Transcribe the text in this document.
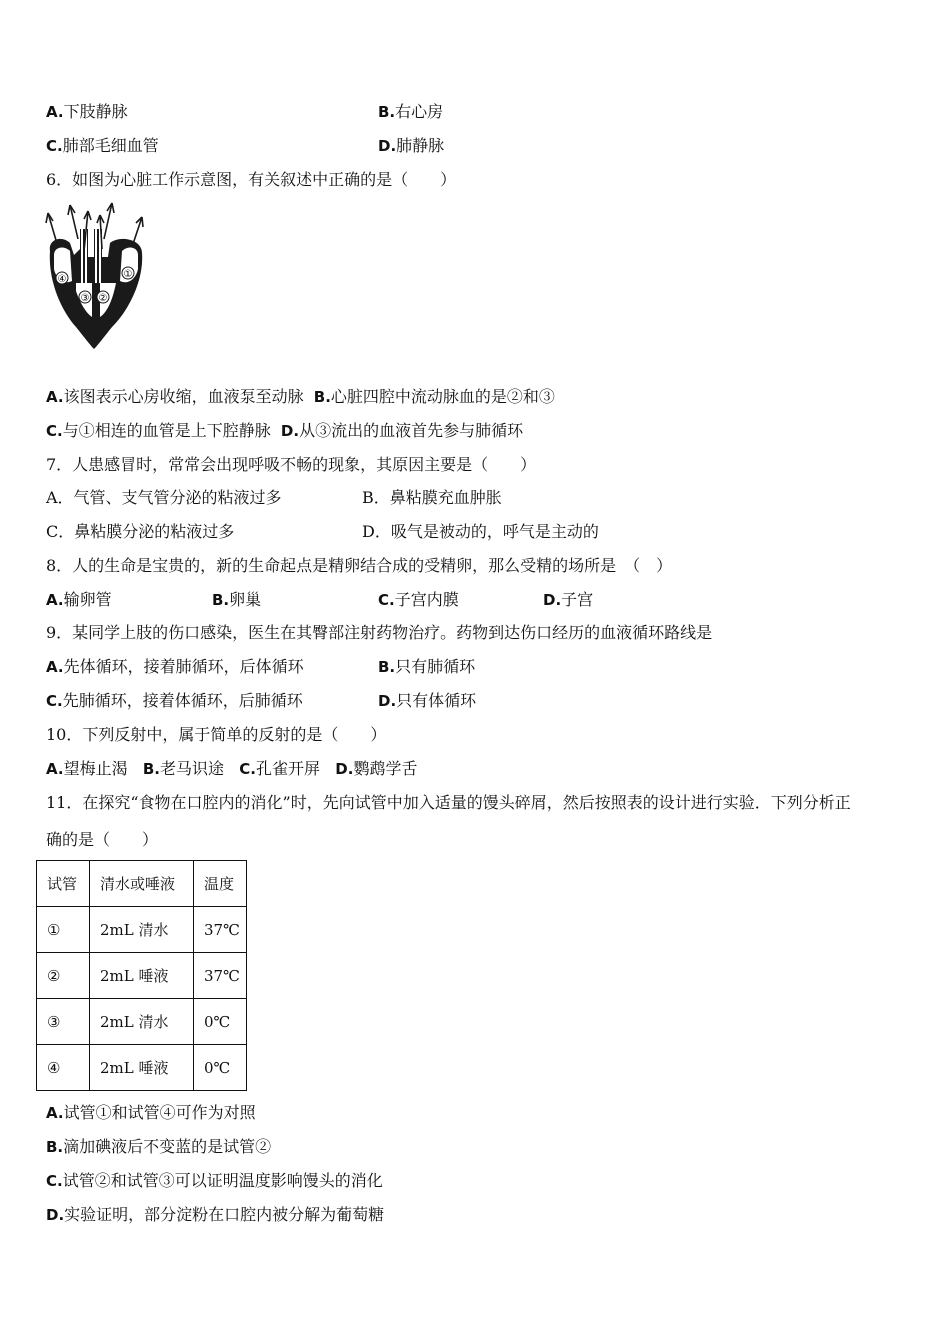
A.下肢静脉	B.右心房
C.肺部毛细血管	D.肺静脉
6．如图为心脏工作示意图，有关叙述中正确的是（　　）
④
③ ②
①
A.该图表示心房收缩，血液泵至动脉 B.心脏四腔中流动脉血的是②和③
C.与①相连的血管是上下腔静脉 D.从③流出的血液首先参与肺循环
7．人患感冒时，常常会出现呼吸不畅的现象，其原因主要是（　　）
A．气管、支气管分泌的粘液过多	B．鼻粘膜充血肿胀
C．鼻粘膜分泌的粘液过多	D．吸气是被动的，呼气是主动的
8．人的生命是宝贵的，新的生命起点是精卵结合成的受精卵，那么受精的场所是　（　）
A.输卵管	B.卵巢	C.子宫内膜	D.子宫
9．某同学上肢的伤口感染，医生在其臀部注射药物治疗。药物到达伤口经历的血液循环路线是
A.先体循环，接着肺循环，后体循环	B.只有肺循环
C.先肺循环，接着体循环，后肺循环	D.只有体循环
10．下列反射中，属于简单的反射的是（　　）
A.望梅止渴 B.老马识途 C.孔雀开屏 D.鹦鹉学舌
11．在探究“食物在口腔内的消化”时，先向试管中加入适量的馒头碎屑，然后按照表的设计进行实验．下列分析正
确的是（　　）
试管	清水或唾液	温度
①	2mL 清水	37℃
②	2mL 唾液	37℃
③	2mL 清水	0℃
④	2mL 唾液	0℃
A.试管①和试管④可作为对照
B.滴加碘液后不变蓝的是试管②
C.试管②和试管③可以证明温度影响馒头的消化
D.实验证明，部分淀粉在口腔内被分解为葡萄糖
